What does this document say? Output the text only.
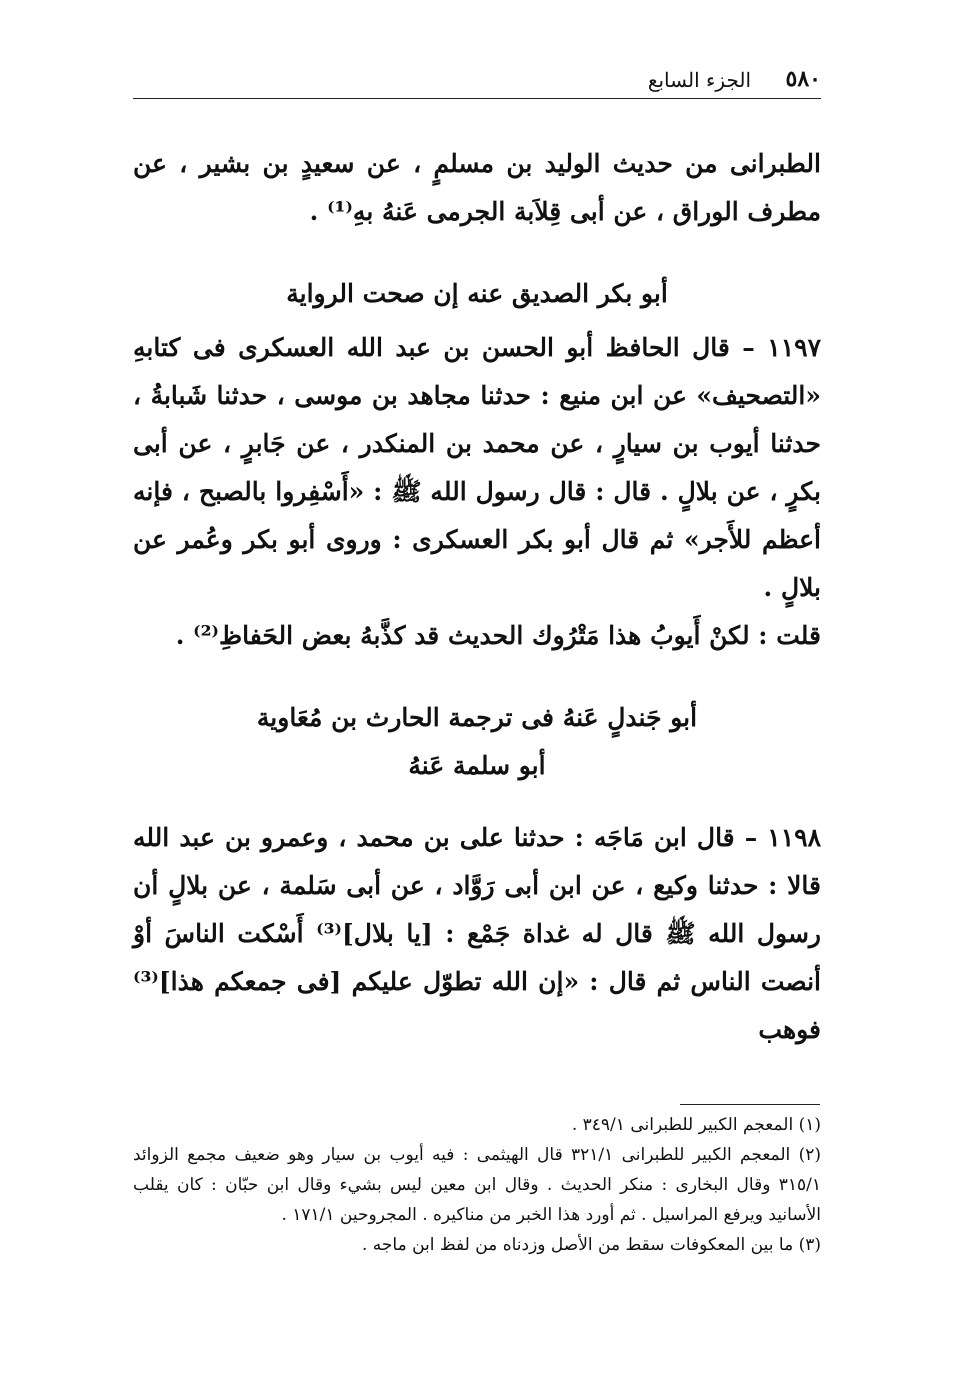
٥٨٠
الجزء السابع

الطبرانى من حديث الوليد بن مسلمٍ ، عن سعيدٍ بن بشير ، عن مطرف الوراق ، عن أبى قِلاَبة الجرمى عَنهُ بهِ⁽¹⁾ .

أبو بكر الصديق عنه إن صحت الرواية

١١٩٧ – قال الحافظ أبو الحسن بن عبد الله العسكرى فى كتابهِ «التصحيف» عن ابن منيع : حدثنا مجاهد بن موسى ، حدثنا شَبابةُ ، حدثنا أيوب بن سيارٍ ، عن محمد بن المنكدر ، عن جَابرٍ ، عن أبى بكرٍ ، عن بلالٍ . قال : قال رسول الله ﷺ : «أَسْفِروا بالصبح ، فإنه أعظم للأَجر» ثم قال أبو بكر العسكرى : وروى أبو بكر وعُمر عن بلالٍ .

قلت : لكنْ أَيوبُ هذا مَتْرُوك الحديث قد كذَّبهُ بعض الحَفاظِ⁽²⁾ .

أبو جَندلٍ عَنهُ فى ترجمة الحارث بن مُعَاوية

أبو سلمة عَنهُ

١١٩٨ – قال ابن مَاجَه : حدثنا على بن محمد ، وعمرو بن عبد الله قالا : حدثنا وكيع ، عن ابن أبى رَوَّاد ، عن أبى سَلمة ، عن بلالٍ أن رسول الله ﷺ قال له غداة جَمْع : [يا بلال]⁽³⁾ أَسْكت الناسَ أوْ أنصت الناس ثم قال : «إن الله تطوّل عليكم [فى جمعكم هذا]⁽³⁾ فوهب

(١) المعجم الكبير للطبرانى ٣٤٩/١ .

(٢) المعجم الكبير للطبرانى ٣٢١/١ قال الهيثمى : فيه أيوب بن سيار وهو ضعيف مجمع الزوائد ٣١٥/١ وقال البخارى : منكر الحديث . وقال ابن معين ليس بشيء وقال ابن حبّان : كان يقلب الأسانيد ويرفع المراسيل . ثم أورد هذا الخبر من مناكيره . المجروحين ١٧١/١ .

(٣) ما بين المعكوفات سقط من الأصل وزدناه من لفظ ابن ماجه .
